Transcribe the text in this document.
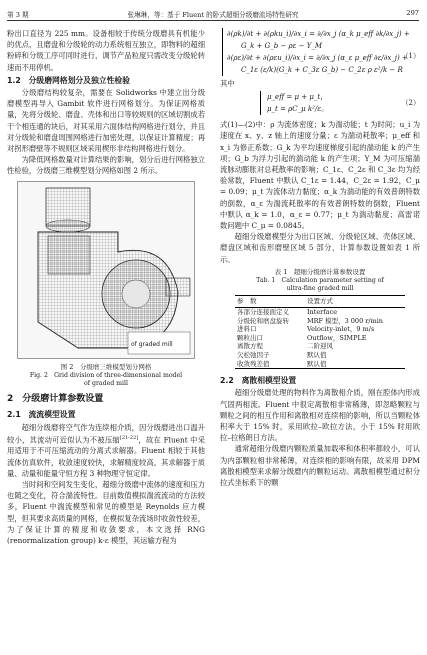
第 3 期	张琳琳，等：基于 Fluent 的卧式超细分级磨流场特性研究	297

粉出口直径为 225 mm。设备相较于传统分级磨具有机能少的优点，且磨盘和分级轮的动力系统相互独立，即物料的超细粉碎和分级工序可同时进行，调节产品粒度只需改变分级轮转速而不用停机。

1.2　分级磨网格划分及独立性检验

分级磨结构较复杂，需要在 Solidworks 中建立出分级磨模型再导入 Gambit 软件进行网格划分。为保证网格质量，先将分级轮、磨盘、壳体和出口等较规则的区域切割成若干个相连通的块后，对其采用六面体结构网格进行划分，并且对分级轮和磨盘周围网格进行加密处理，以保证计算精度；再对拐形磨壁等不规则区域采用楔形非结构网格进行划分。

为降低网格数量对计算结果的影响，划分后进行网格独立性检验，分级磨三维模型划分网格如图 2 所示。

of graded mill
图 2　分级磨三维模型划分网格
Fig. 2　Grid division of three-dimensional model
of graded mill
2　分级磨计算参数设置
2.1　流流模型设置

超细分级磨将空气作为连续相介质，因分级磨进出口温升较小，其流动可近似认为不被压缩[21-22]，故在 Fluent 中采用适用于不可压缩流动的分离式求解器。Fluent 相较于其他流体仿真软件，收敛速度较快，求解精度较高，其求解器于质量、动量和能量守恒方程 3 种物理守恒定律。

当时间和空间发生变化，超细分级磨中流体的速度和压力也随之变化，符合湍流特性。目前数值模拟湍流流动的方法较多，Fluent 中湍流模型和常见的模型是 Reynolds 应力模型，但其要求高质量的网格，在模拟复杂流场时收敛性较差，为了保证计算的精度和收敛要求，本文选择 RNG (renormalization group) k-ε 模型，其运输方程为

∂(ρk)/∂t + ∂(ρku_i)/∂x_i = ∂/∂x_j (α_k μ_eff ∂k/∂x_j) +
G_k + G_b − ρε − Y_M
∂(ρε)/∂t + ∂(ρεu_i)/∂x_i = ∂/∂x_j (α_ε μ_eff ∂ε/∂x_j) +
C_1ε (ε/k)(G_k + C_3ε G_b) − C_2ε ρ ε²/k − R
（1）
其中
μ_eff = μ + μ_t，
μ_t = ρC_μ k²/ε。
（2）

式(1)—(2)中：ρ 为流体密度；k 为湍动能；t 为时间；u_i 为速度在 x、y、z 轴上的速度分量；ε 为湍动耗散率；μ_eff 和 x_i 为修正系数；G_k 为平均速度梯度引起的湍动能 k 的产生项；G_b 为浮力引起的湍动能 k 的产生项；Y_M 为可压缩湍流脉动膨胀对总耗散率的影响；C_1ε、C_2ε 和 C_3ε 均为经验常数，Fluent 中默认 C_1ε = 1.44，C_2ε = 1.92，C_μ = 0.09；μ_t 为流体动力黏度；α_k 为湍动能的有效普朗特数的倒数，α_ε 为湍流耗散率的有效普朗特数的倒数，Fluent 中默认 α_k = 1.0，α_ε = 0.77；μ_t 为湍动黏度；高雷诺数问题中 C_μ = 0.0845。

超细分级磨模型分为出口区域、分级轮区域、壳体区域、磨盘区域和齿形磨壁区域 5 部分，计算参数设置如表 1 所示。

表 1　超细分级磨计算参数设置
Tab. 1　Calculation parameter setting of
ultra-fine graded mill
参　数	设置方式
各部分连接面定义	Interface
分级轮和磨盘旋转	MRF 模型，3 000 r/min
进料口	Velocity-inlet，9 m/s
颗粒出口	Outflow，SIMPLE
离散方程	二阶迎风
欠松弛因子	默认值
收敛残差值	默认值
2.2　离散相模型设置

超细分级磨处理的物料作为离散相介质，刚在腔体内形成气固两相流。Fluent 中很定离散相非常稀薄，即忽略颗粒与颗粒之间的相互作用和离散相对连续相的影响，所以当颗粒体积率大于 15% 时，采用欧拉–欧拉方法，小于 15% 时用欧拉–拉格朗日方法。

通常超细分级磨内颗粒质量加载率和体积率都较小，可认为内部颗粒相非常稀薄，对连续相的影响有限，故采用 DPM 离散相模型来求解分级磨内的颗粒运动。离散相模型通过积分拉式坐标系下的颗
